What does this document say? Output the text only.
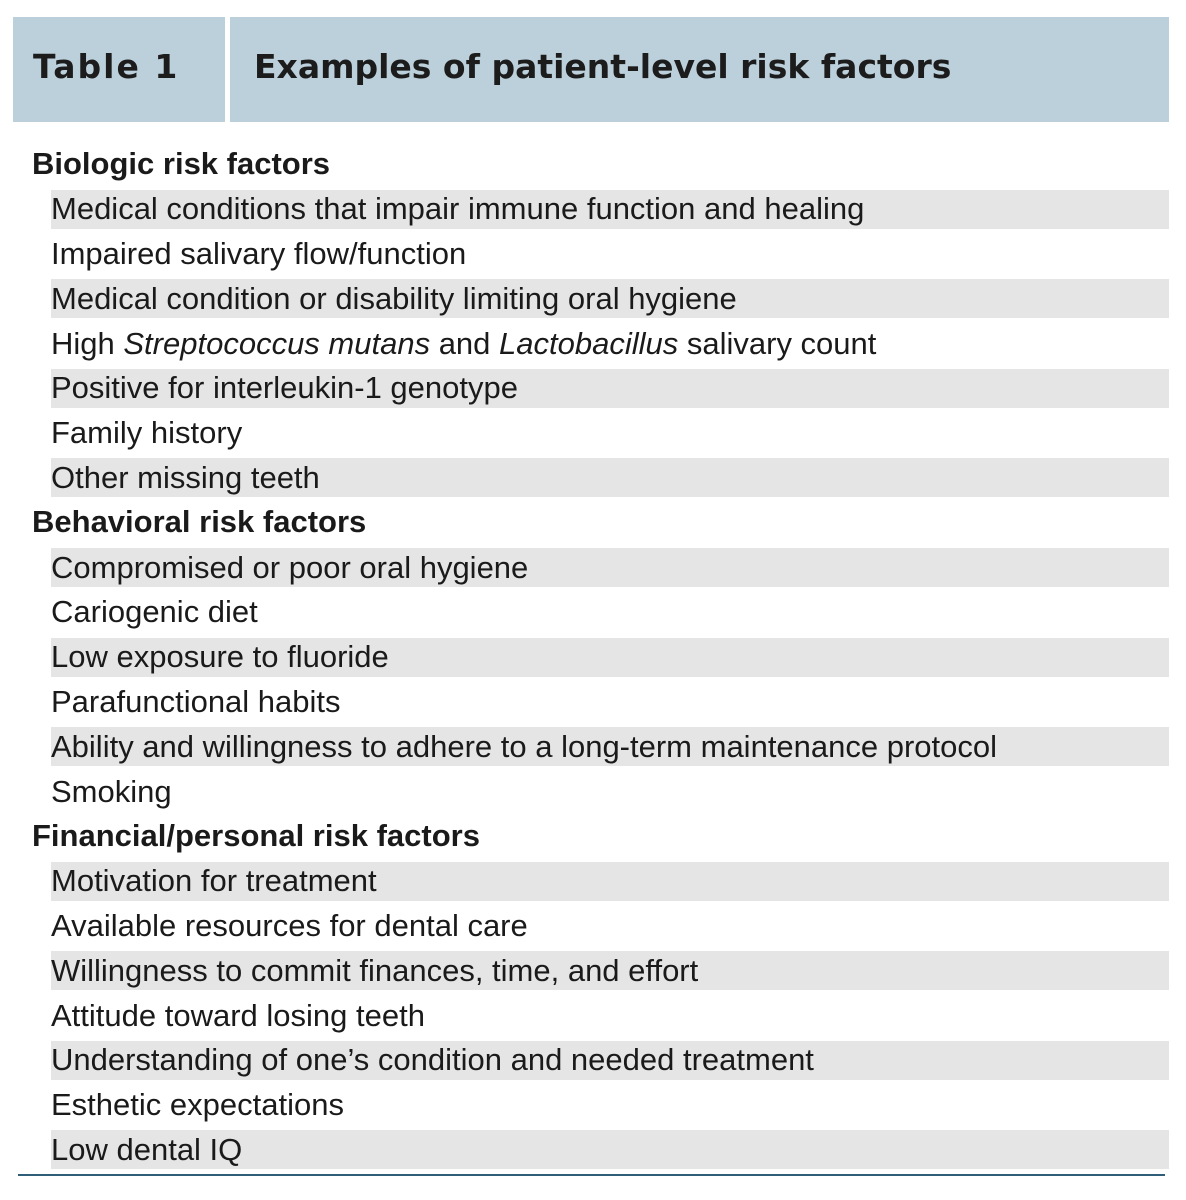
Table 1 Examples of patient-level risk factors
Biologic risk factors
Medical conditions that impair immune function and healing
Impaired salivary flow/function
Medical condition or disability limiting oral hygiene
High Streptococcus mutans and Lactobacillus salivary count
Positive for interleukin-1 genotype
Family history
Other missing teeth
Behavioral risk factors
Compromised or poor oral hygiene
Cariogenic diet
Low exposure to fluoride
Parafunctional habits
Ability and willingness to adhere to a long-term maintenance protocol
Smoking
Financial/personal risk factors
Motivation for treatment
Available resources for dental care
Willingness to commit finances, time, and effort
Attitude toward losing teeth
Understanding of one’s condition and needed treatment
Esthetic expectations
Low dental IQ
